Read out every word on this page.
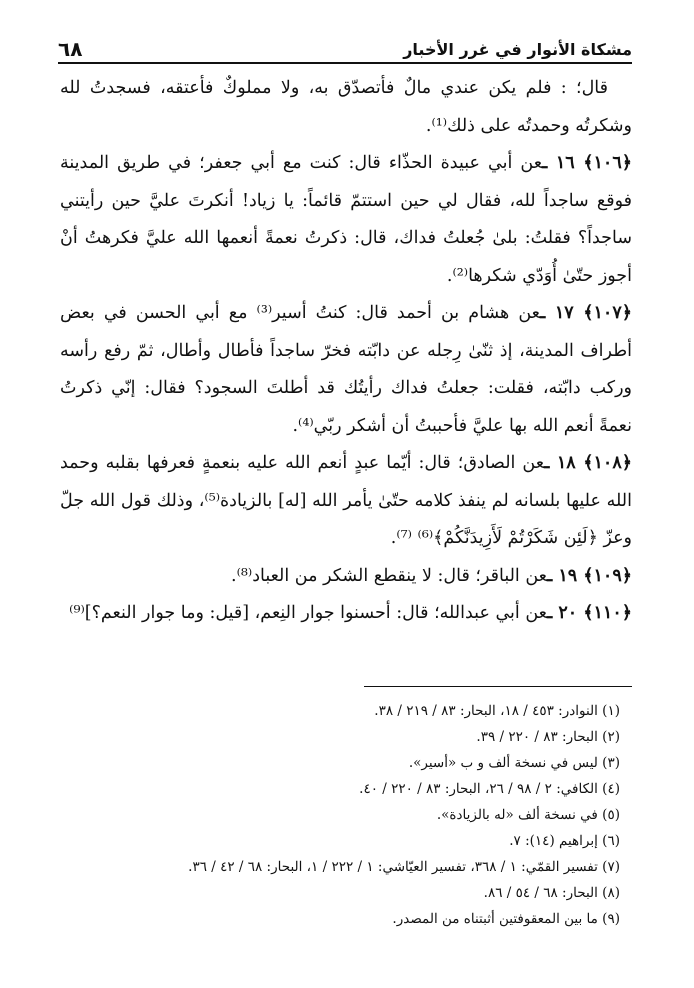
مشكاة الأنوار في غرر الأخبار
٦٨

قال؛ : فلم يكن عندي مالٌ فأتصدّق به، ولا مملوكٌ فأعتقه، فسجدتُ لله وشكرتُه وحمدتُه على ذلك⁽¹⁾.

﴿١٠٦﴾ ١٦ ـعن أبي عبيدة الحذّاء قال: كنت مع أبي جعفر؛ في طريق المدينة فوقع ساجداً لله، فقال لي حين استتمّ قائماً: يا زياد! أنكرتَ عليَّ حين رأيتني ساجداً؟ فقلتُ: بلىٰ جُعلتُ فداك، قال: ذكرتُ نعمةً أنعمها الله عليَّ فكرهتُ أنْ أجوز حتّىٰ أُوَدّي شكرها⁽²⁾.

﴿١٠٧﴾ ١٧ ـعن هشام بن أحمد قال: كنتُ أسير⁽³⁾ مع أبي الحسن في بعض أطراف المدينة، إذ ثنّىٰ رِجله عن دابّته فخرّ ساجداً فأطال وأطال، ثمّ رفع رأسه وركب دابّته، فقلت: جعلتُ فداك رأيتُك قد أطلتَ السجود؟ فقال: إنّي ذكرتُ نعمةً أنعم الله بها عليَّ فأحببتُ أن أشكر ربّي⁽⁴⁾.

﴿١٠٨﴾ ١٨ ـعن الصادق؛ قال: أيّما عبدٍ أنعم الله عليه بنعمةٍ فعرفها بقلبه وحمد الله عليها بلسانه لم ينفذ كلامه حتّىٰ يأمر الله [له] بالزيادة⁽⁵⁾، وذلك قول الله جلّ وعزّ ﴿لَئِن شَكَرْتُمْ لَأَزِيدَنَّكُمْ﴾⁽⁶⁾ ⁽⁷⁾.

﴿١٠٩﴾ ١٩ ـعن الباقر؛ قال: لا ينقطع الشكر من العباد⁽⁸⁾.

﴿١١٠﴾ ٢٠ ـعن أبي عبدالله؛ قال: أحسنوا جوار النِعم، [قيل: وما جوار النعم؟]⁽⁹⁾

(١) النوادر: ٤٥٣ / ١٨، البحار: ٨٣ / ٢١٩ / ٣٨.
(٢) البحار: ٨٣ / ٢٢٠ / ٣٩.
(٣) ليس في نسخة ألف و ب «أسير».
(٤) الكافي: ٢ / ٩٨ / ٢٦، البحار: ٨٣ / ٢٢٠ / ٤٠.
(٥) في نسخة ألف «له بالزيادة».
(٦) إبراهيم (١٤): ٧.
(٧) تفسير القمّي: ١ / ٣٦٨، تفسير العيّاشي: ١ / ٢٢٢ / ١، البحار: ٦٨ / ٤٢ / ٣٦.
(٨) البحار: ٦٨ / ٥٤ / ٨٦.
(٩) ما بين المعقوفتين أثبتناه من المصدر.
